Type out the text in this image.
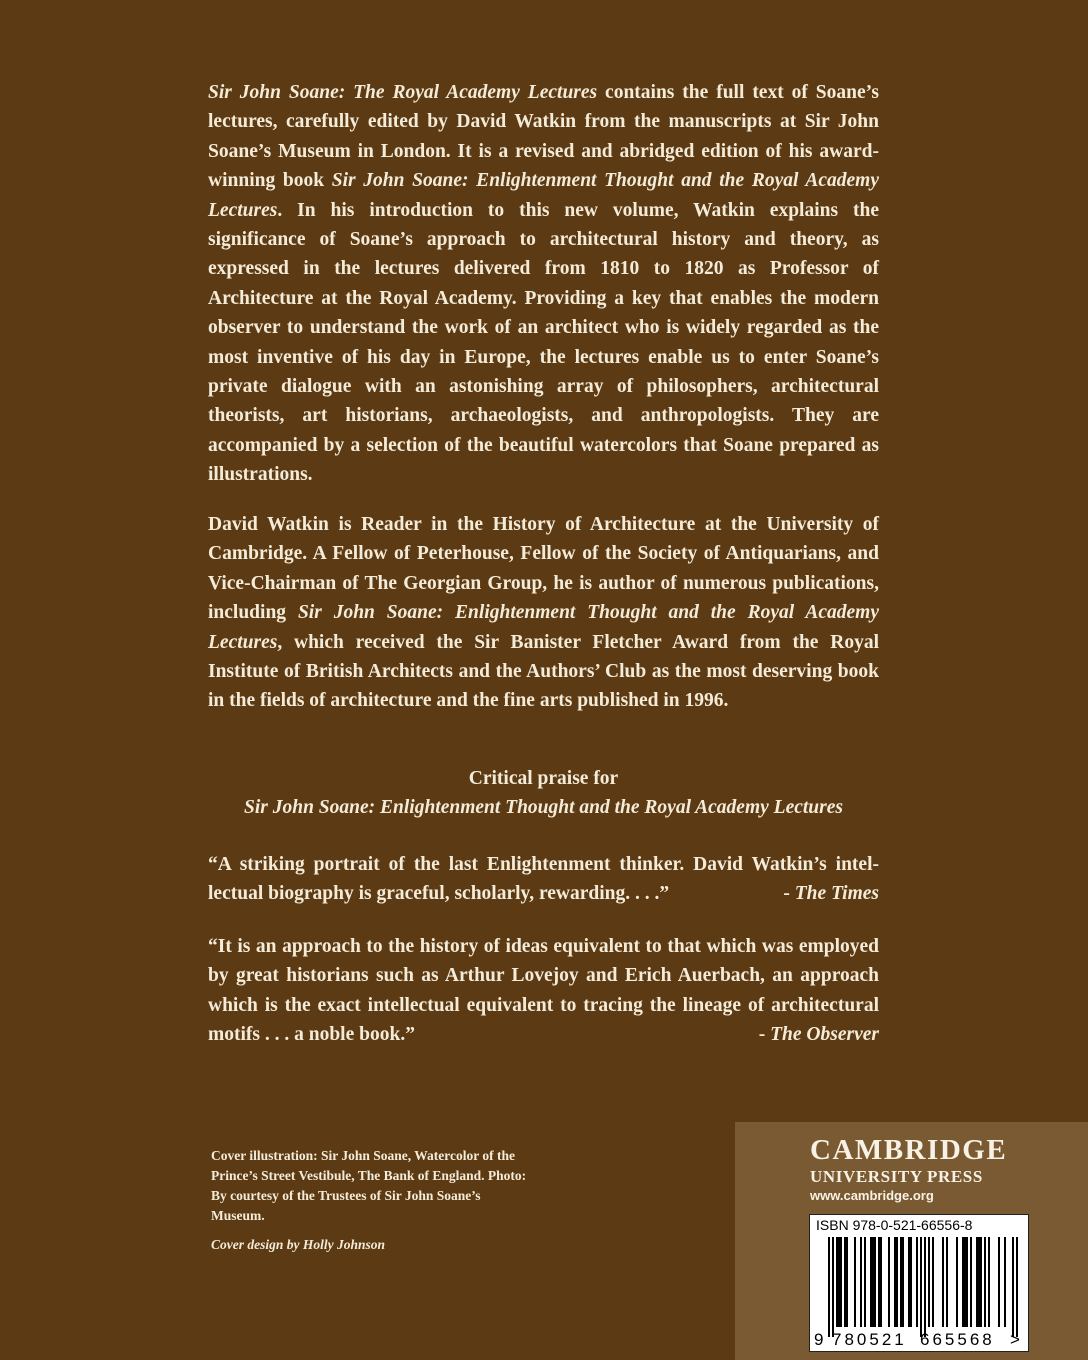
Sir John Soane: The Royal Academy Lectures contains the full text of Soane’s lectures, carefully edited by David Watkin from the manuscripts at Sir John Soane’s Museum in London. It is a revised and abridged edition of his award-winning book Sir John Soane: Enlightenment Thought and the Royal Academy Lectures. In his introduction to this new volume, Watkin explains the significance of Soane’s approach to architectural history and theory, as expressed in the lectures delivered from 1810 to 1820 as Professor of Architecture at the Royal Academy. Providing a key that enables the modern observer to understand the work of an architect who is widely regarded as the most inventive of his day in Europe, the lectures enable us to enter Soane’s private dialogue with an astonishing array of philosophers, architectural theorists, art historians, archaeologists, and anthropologists. They are accompanied by a selection of the beautiful watercolors that Soane prepared as illustrations.

David Watkin is Reader in the History of Architecture at the University of Cambridge. A Fellow of Peterhouse, Fellow of the Society of Antiquarians, and Vice-Chairman of The Georgian Group, he is author of numerous publications, including Sir John Soane: Enlightenment Thought and the Royal Academy Lectures, which received the Sir Banister Fletcher Award from the Royal Institute of British Architects and the Authors’ Club as the most deserving book in the fields of architecture and the fine arts published in 1996.

Critical praise for
Sir John Soane: Enlightenment Thought and the Royal Academy Lectures
“A striking portrait of the last Enlightenment thinker. David Watkin’s intellectual biography is graceful, scholarly, rewarding. . . .”	- The Times
“It is an approach to the history of ideas equivalent to that which was employed by great historians such as Arthur Lovejoy and Erich Auerbach, an approach which is the exact intellectual equivalent to tracing the lineage of architectural motifs . . . a noble book.”	- The Observer
Cover illustration: Sir John Soane, Watercolor of the Prince’s Street Vestibule, The Bank of England. Photo: By courtesy of the Trustees of Sir John Soane’s Museum.
Cover design by Holly Johnson
CAMBRIDGE
UNIVERSITY PRESS
www.cambridge.org
ISBN 978-0-521-66556-8
9 780521 665568 >
